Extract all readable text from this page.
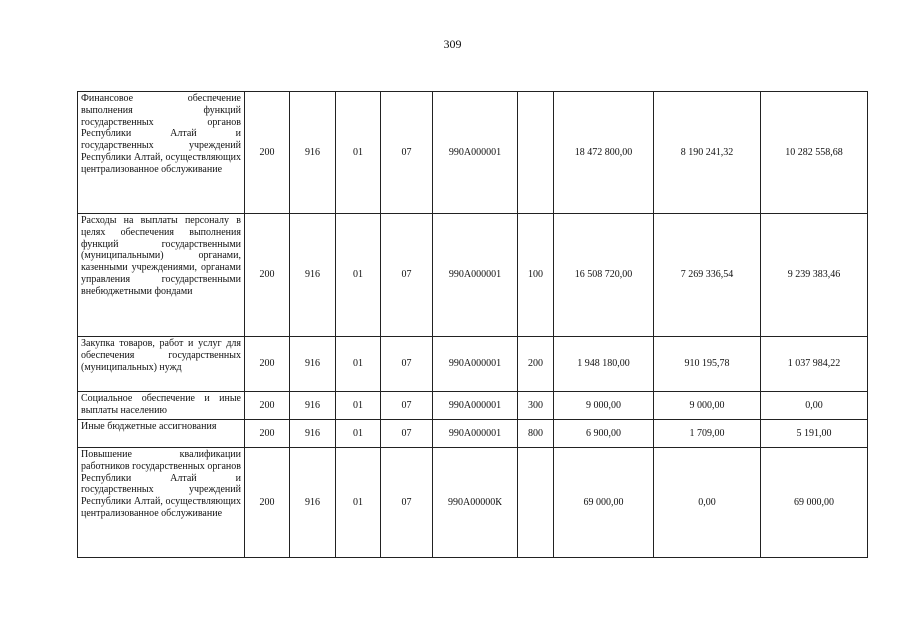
309
Финансовое обеспечение выполнения функций государственных органов Республики Алтай и государственных учреждений Республики Алтай, осуществляющих централизованное обслуживание	200	916	01	07	990А000001		18 472 800,00	8 190 241,32	10 282 558,68
Расходы на выплаты персоналу в целях обеспечения выполнения функций государственными (муниципальными) органами, казенными учреждениями, органами управления государственными внебюджетными фондами	200	916	01	07	990А000001	100	16 508 720,00	7 269 336,54	9 239 383,46
Закупка товаров, работ и услуг для обеспечения государственных (муниципальных) нужд	200	916	01	07	990А000001	200	1 948 180,00	910 195,78	1 037 984,22
Социальное обеспечение и иные выплаты населению	200	916	01	07	990А000001	300	9 000,00	9 000,00	0,00
Иные бюджетные ассигнования	200	916	01	07	990А000001	800	6 900,00	1 709,00	5 191,00
Повышение квалификации работников государственных органов Республики Алтай и государственных учреждений Республики Алтай, осуществляющих централизованное обслуживание	200	916	01	07	990А00000К		69 000,00	0,00	69 000,00
